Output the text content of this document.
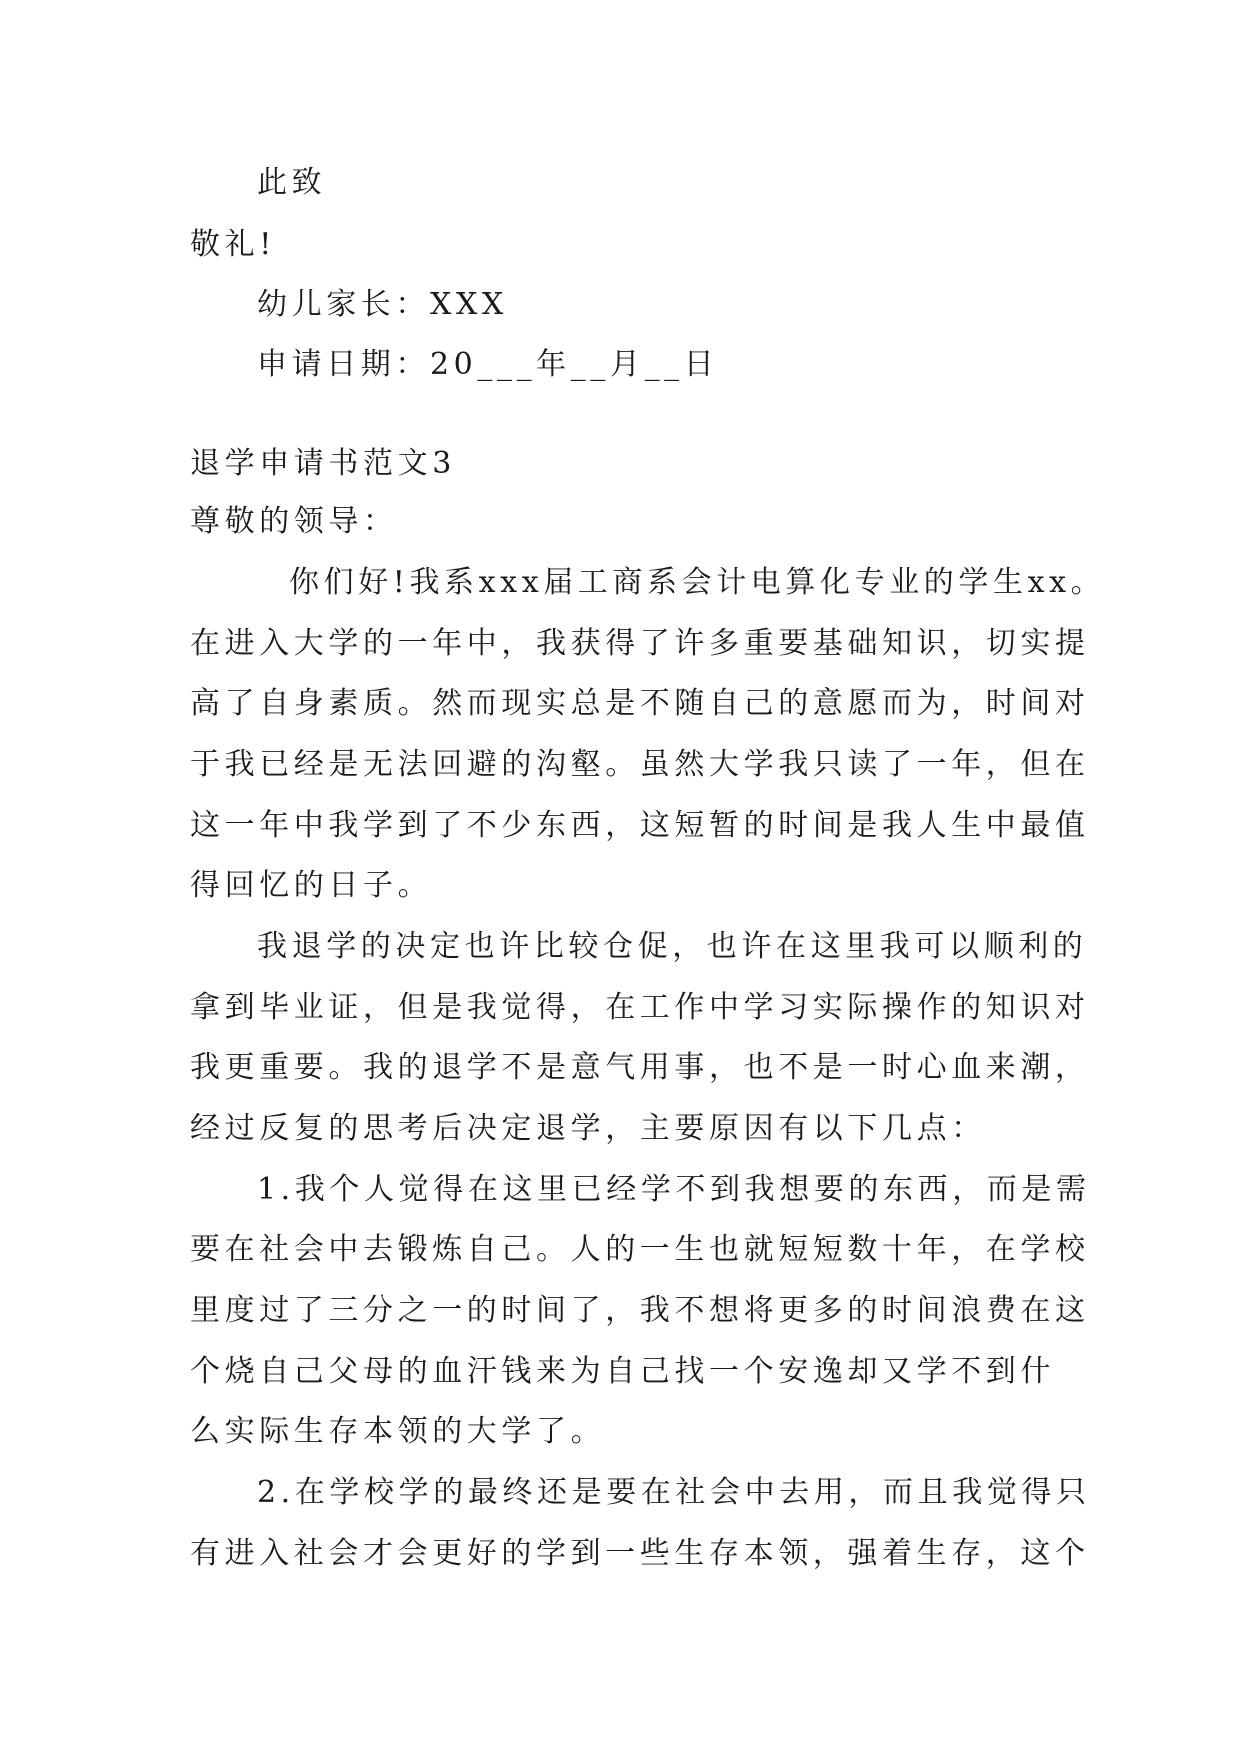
此致
敬礼!
幼儿家长：XXX
申请日期：20___年__月__日
退学申请书范文3
尊敬的领导：
你们好!我系xxx届工商系会计电算化专业的学生xx。
在进入大学的一年中，我获得了许多重要基础知识，切实提
高了自身素质。然而现实总是不随自己的意愿而为，时间对
于我已经是无法回避的沟壑。虽然大学我只读了一年，但在
这一年中我学到了不少东西，这短暂的时间是我人生中最值
得回忆的日子。
我退学的决定也许比较仓促，也许在这里我可以顺利的
拿到毕业证，但是我觉得，在工作中学习实际操作的知识对
我更重要。我的退学不是意气用事，也不是一时心血来潮，
经过反复的思考后决定退学，主要原因有以下几点：
1.我个人觉得在这里已经学不到我想要的东西，而是需
要在社会中去锻炼自己。人的一生也就短短数十年，在学校
里度过了三分之一的时间了，我不想将更多的时间浪费在这
个烧自己父母的血汗钱来为自己找一个安逸却又学不到什
么实际生存本领的大学了。
2.在学校学的最终还是要在社会中去用，而且我觉得只
有进入社会才会更好的学到一些生存本领，强着生存，这个
